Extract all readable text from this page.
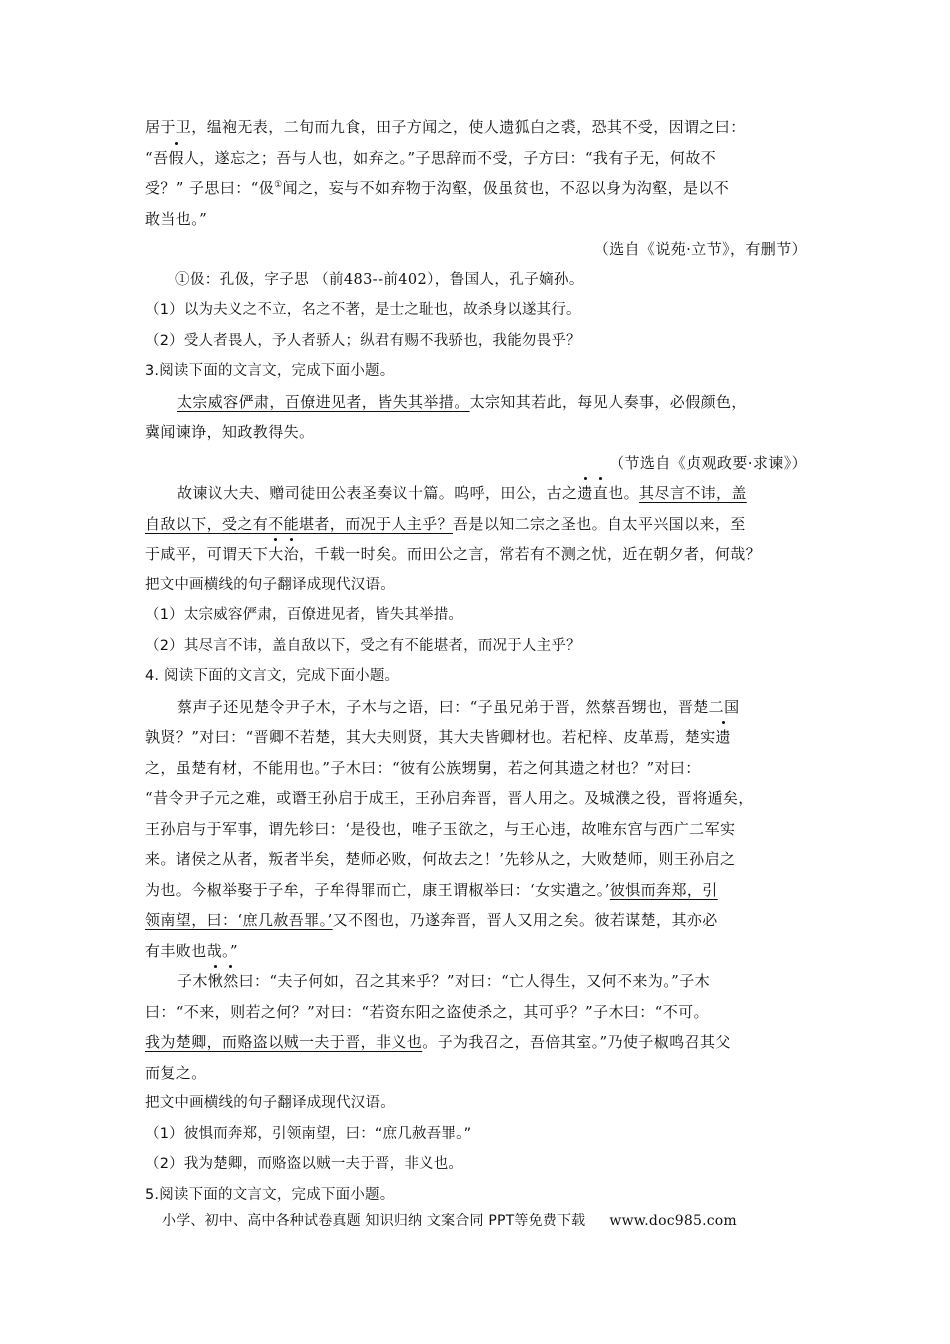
居于卫，缊袍无表，二旬而九食，田子方闻之，使人遗狐白之裘，恐其不受，因谓之曰：
“吾假人，遂忘之；吾与人也，如弃之。”子思辞而不受，子方曰：“我有子无，何故不
受？” 子思曰：“伋①闻之，妄与不如弃物于沟壑，伋虽贫也，不忍以身为沟壑，是以不
敢当也。”
（选自《说苑·立节》，有删节）
①伋：孔伋，字子思 （前483--前402），鲁国人，孔子嫡孙。
（1）以为夫义之不立，名之不著，是士之耻也，故杀身以遂其行。
（2）受人者畏人，予人者骄人；纵君有赐不我骄也，我能勿畏乎？
3.阅读下面的文言文，完成下面小题。
太宗威容俨肃，百僚进见者，皆失其举措。太宗知其若此，每见人奏事，必假颜色，
冀闻谏诤，知政教得失。
（节选自《贞观政要·求谏》）
故谏议大夫、赠司徒田公表圣奏议十篇。呜呼，田公，古之遗直也。其尽言不讳，盖
自敌以下，受之有不能堪者，而况于人主乎？吾是以知二宗之圣也。自太平兴国以来，至
于咸平，可谓天下大治，千载一时矣。而田公之言，常若有不测之忧，近在朝夕者，何哉？
把文中画横线的句子翻译成现代汉语。
（1）太宗威容俨肃，百僚进见者，皆失其举措。
（2）其尽言不讳，盖自敌以下，受之有不能堪者，而况于人主乎？
4. 阅读下面的文言文，完成下面小题。
蔡声子还见楚令尹子木，子木与之语，曰：“子虽兄弟于晋，然蔡吾甥也，晋楚二国
孰贤？”对曰：“晋卿不若楚，其大夫则贤，其大夫皆卿材也。若杞梓、皮革焉，楚实遗
之，虽楚有材，不能用也。”子木曰：“彼有公族甥舅，若之何其遗之材也？”对曰：
“昔令尹子元之难，或谮王孙启于成王，王孙启奔晋，晋人用之。及城濮之役，晋将遁矣，
王孙启与于军事，谓先轸曰：‘是役也，唯子玉欲之，与王心违，故唯东宫与西广二军实
来。诸侯之从者，叛者半矣，楚师必败，何故去之！’先轸从之，大败楚师，则王孙启之
为也。今椒举娶于子牟，子牟得罪而亡，康王谓椒举曰：‘女实遣之。’彼惧而奔郑，引
领南望，曰：‘庶几赦吾罪。’又不图也，乃遂奔晋，晋人又用之矣。彼若谋楚，其亦必
有丰败也哉。”
子木愀然曰：“夫子何如，召之其来乎？”对曰：“亡人得生，又何不来为。”子木
曰：“不来，则若之何？”对曰：“若资东阳之盗使杀之，其可乎？”子木曰：“不可。
我为楚卿，而赂盗以贼一夫于晋，非义也。子为我召之，吾倍其室。”乃使子椒鸣召其父
而复之。
把文中画横线的句子翻译成现代汉语。
（1）彼惧而奔郑，引领南望，曰：“庶几赦吾罪。”
（2）我为楚卿，而赂盗以贼一夫于晋，非义也。
5.阅读下面的文言文，完成下面小题。
小学、初中、高中各种试卷真题 知识归纳 文案合同 PPT等免费下载 www.doc985.com
